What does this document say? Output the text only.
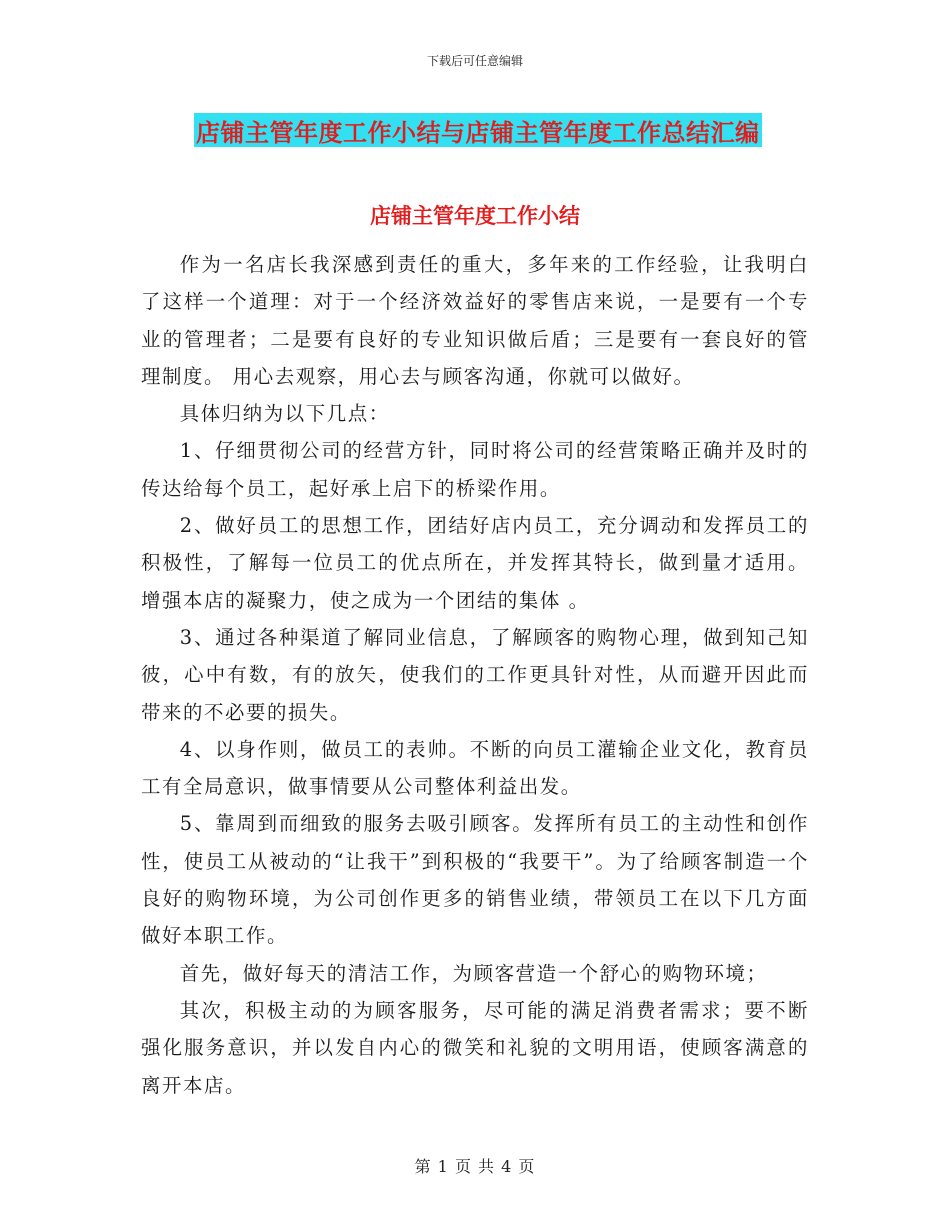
下载后可任意编辑
店铺主管年度工作小结与店铺主管年度工作总结汇编
店铺主管年度工作小结

作为一名店长我深感到责任的重大，多年来的工作经验，让我明白了这样一个道理：对于一个经济效益好的零售店来说，一是要有一个专业的管理者；二是要有良好的专业知识做后盾；三是要有一套良好的管理制度。 用心去观察，用心去与顾客沟通，你就可以做好。

具体归纳为以下几点：

1、仔细贯彻公司的经营方针，同时将公司的经营策略正确并及时的传达给每个员工，起好承上启下的桥梁作用。

2、做好员工的思想工作，团结好店内员工，充分调动和发挥员工的积极性，了解每一位员工的优点所在，并发挥其特长，做到量才适用。增强本店的凝聚力，使之成为一个团结的集体 。

3、通过各种渠道了解同业信息，了解顾客的购物心理，做到知己知彼，心中有数，有的放矢，使我们的工作更具针对性，从而避开因此而带来的不必要的损失。

4、以身作则，做员工的表帅。不断的向员工灌输企业文化，教育员工有全局意识，做事情要从公司整体利益出发。

5、靠周到而细致的服务去吸引顾客。发挥所有员工的主动性和创作性，使员工从被动的“让我干”到积极的“我要干”。为了给顾客制造一个良好的购物环境，为公司创作更多的销售业绩，带领员工在以下几方面做好本职工作。

首先，做好每天的清洁工作，为顾客营造一个舒心的购物环境；

其次，积极主动的为顾客服务，尽可能的满足消费者需求；要不断强化服务意识，并以发自内心的微笑和礼貌的文明用语，使顾客满意的离开本店。

第 1 页 共 4 页
